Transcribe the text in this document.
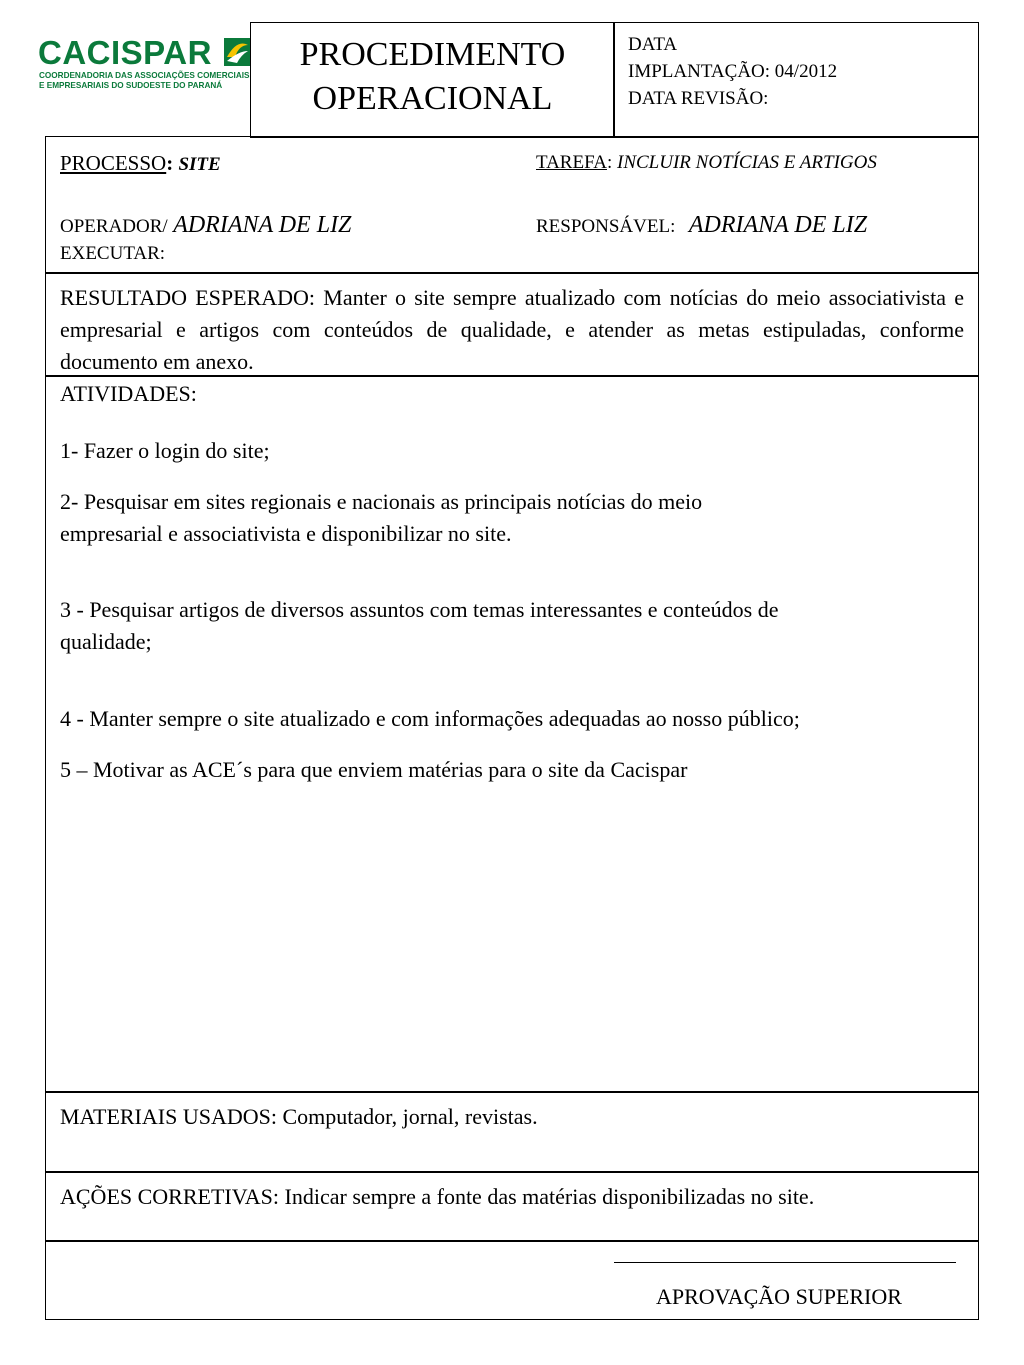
CACISPAR
COORDENADORIA DAS ASSOCIAÇÕES COMERCIAIS
E EMPRESARIAIS DO SUDOESTE DO PARANÁ
PROCEDIMENTO
OPERACIONAL
DATA
IMPLANTAÇÃO: 04/2012
DATA REVISÃO:
PROCESSO: SITE	TAREFA: INCLUIR NOTÍCIAS E ARTIGOS
OPERADOR/ ADRIANA DE LIZ
EXECUTAR:
RESPONSÁVEL: ADRIANA DE LIZ
RESULTADO ESPERADO: Manter o site sempre atualizado com notícias do meio associativista e empresarial e artigos com conteúdos de qualidade, e atender as metas estipuladas, conforme documento em anexo.
ATIVIDADES:
1- Fazer o login do site;
2- Pesquisar em sites regionais e nacionais as principais notícias do meio
empresarial e associativista e disponibilizar no site.
3 - Pesquisar artigos de diversos assuntos com temas interessantes e conteúdos de
qualidade;
4 - Manter sempre o site atualizado e com informações adequadas ao nosso público;
5 – Motivar as ACE´s para que enviem matérias para o site da Cacispar
MATERIAIS USADOS: Computador, jornal, revistas.
AÇÕES CORRETIVAS: Indicar sempre a fonte das matérias disponibilizadas no site.
APROVAÇÃO SUPERIOR
